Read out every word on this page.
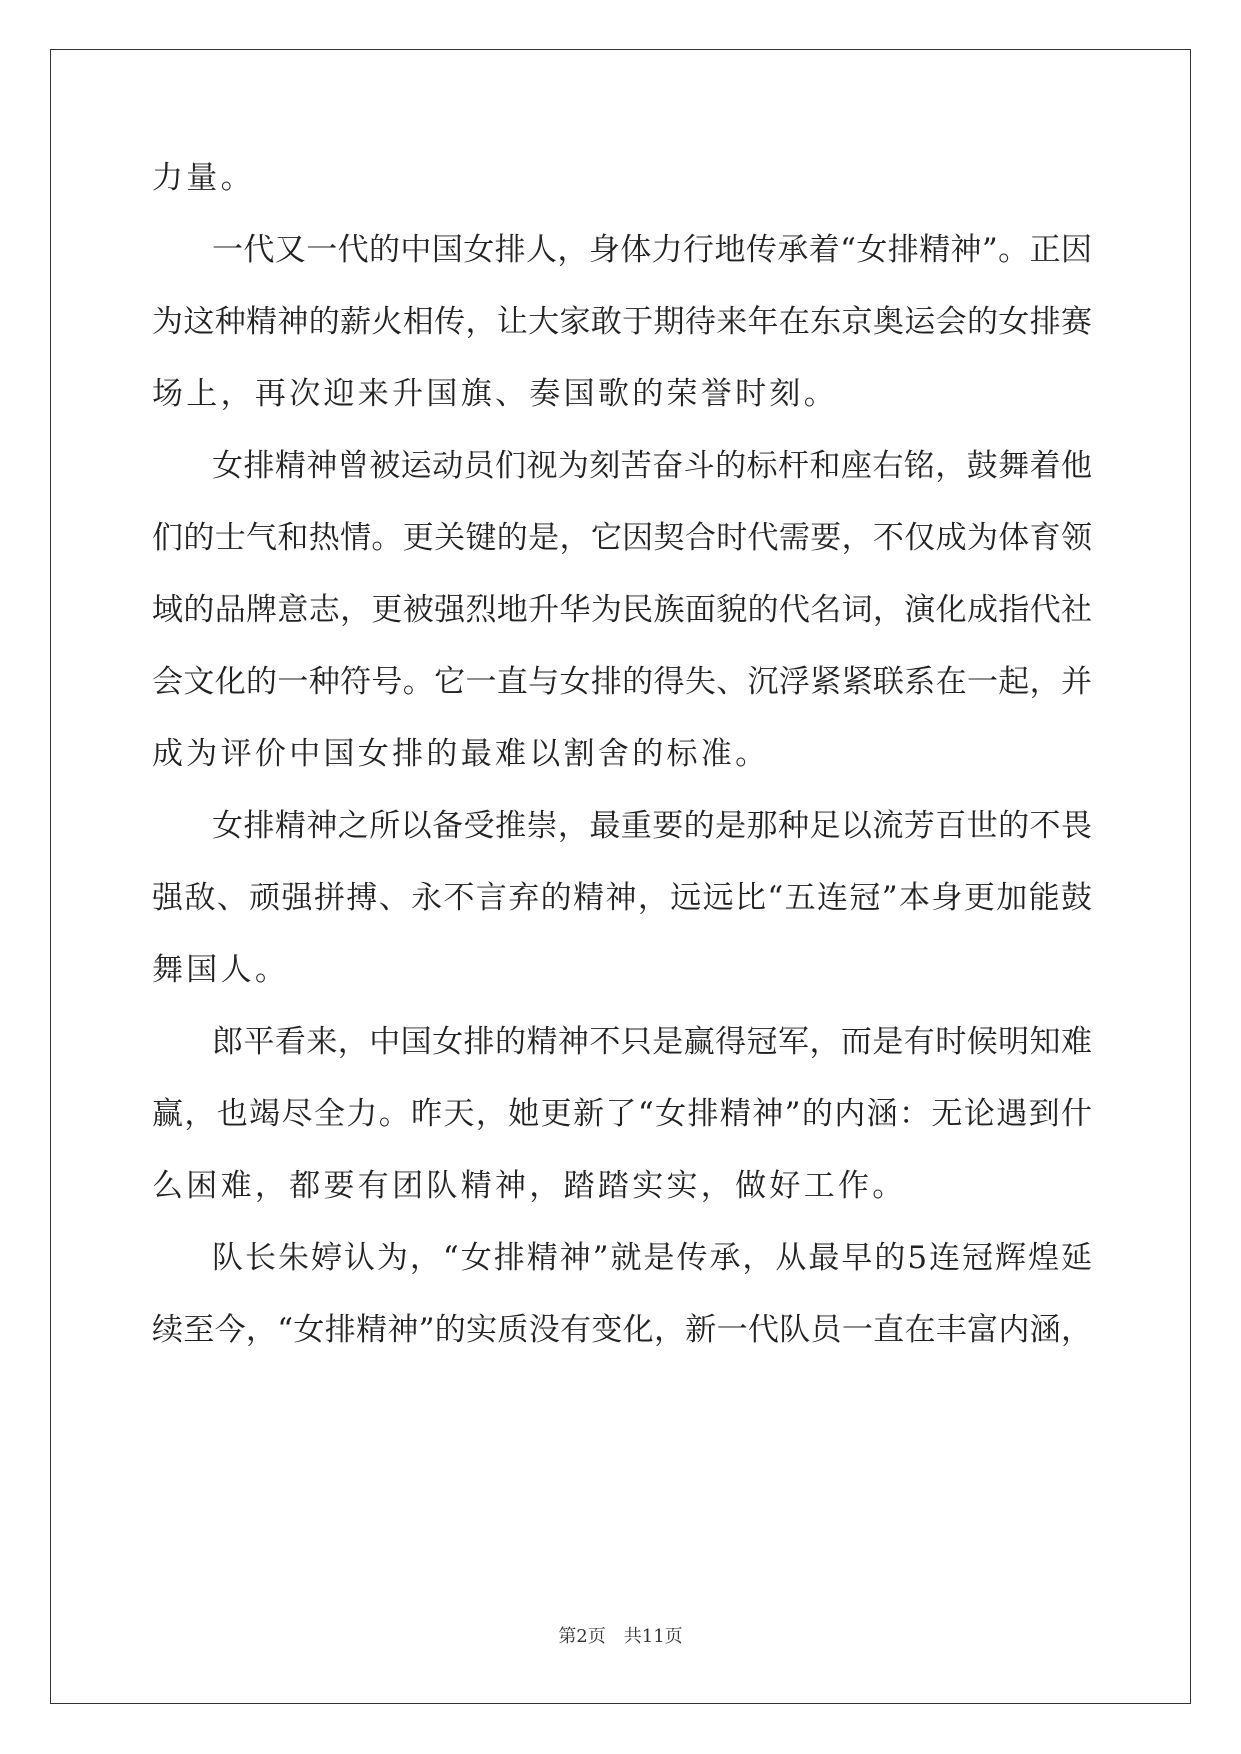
力量。
一代又一代的中国女排人，身体力行地传承着“女排精神”。正因
为这种精神的薪火相传，让大家敢于期待来年在东京奥运会的女排赛
场上，再次迎来升国旗、奏国歌的荣誉时刻。
女排精神曾被运动员们视为刻苦奋斗的标杆和座右铭，鼓舞着他
们的士气和热情。更关键的是，它因契合时代需要，不仅成为体育领
域的品牌意志，更被强烈地升华为民族面貌的代名词，演化成指代社
会文化的一种符号。它一直与女排的得失、沉浮紧紧联系在一起，并
成为评价中国女排的最难以割舍的标准。
女排精神之所以备受推崇，最重要的是那种足以流芳百世的不畏
强敌、顽强拼搏、永不言弃的精神，远远比“五连冠”本身更加能鼓
舞国人。
郎平看来，中国女排的精神不只是赢得冠军，而是有时候明知难
赢，也竭尽全力。昨天，她更新了“女排精神”的内涵：无论遇到什
么困难，都要有团队精神，踏踏实实，做好工作。
队长朱婷认为，“女排精神”就是传承，从最早的5连冠辉煌延
续至今，“女排精神”的实质没有变化，新一代队员一直在丰富内涵，
第2页 共11页
